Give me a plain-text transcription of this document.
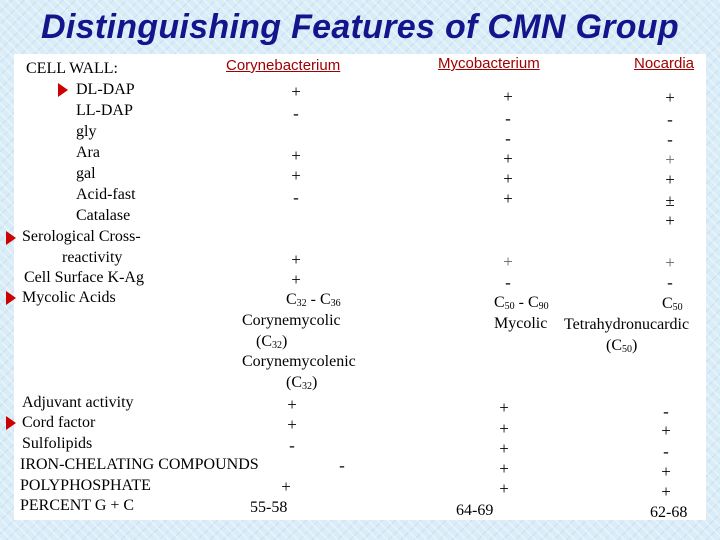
Distinguishing Features of CMN Group
Corynebacterium	Mycobacterium	Nocardia
CELL WALL:
DL-DAP
LL-DAP
gly
Ara
gal
Acid-fast
Catalase
Serological Cross-
reactivity
Cell Surface K-Ag
Mycolic Acids
Adjuvant activity
Cord factor
Sulfolipids
IRON-CHELATING COMPOUNDS
POLYPHOSPHATE
PERCENT G + C
+
-
+
+
-
+
+
$C_{32} - C_{36}$
Corynemycolic
$(C_{32})$
Corynemycolenic
$(C_{32})$
+
+
-
-
+
55-58
+
-
-
+
+
+
+
-
$C_{50} - C_{90}$
Mycolic
+
+
+
+
+
64-69
+
-
-
+
+
±
+
+
-
$C_{50}$
Tetrahydronucardic
$(C_{50})$
-
+
-
+
+
62-68
